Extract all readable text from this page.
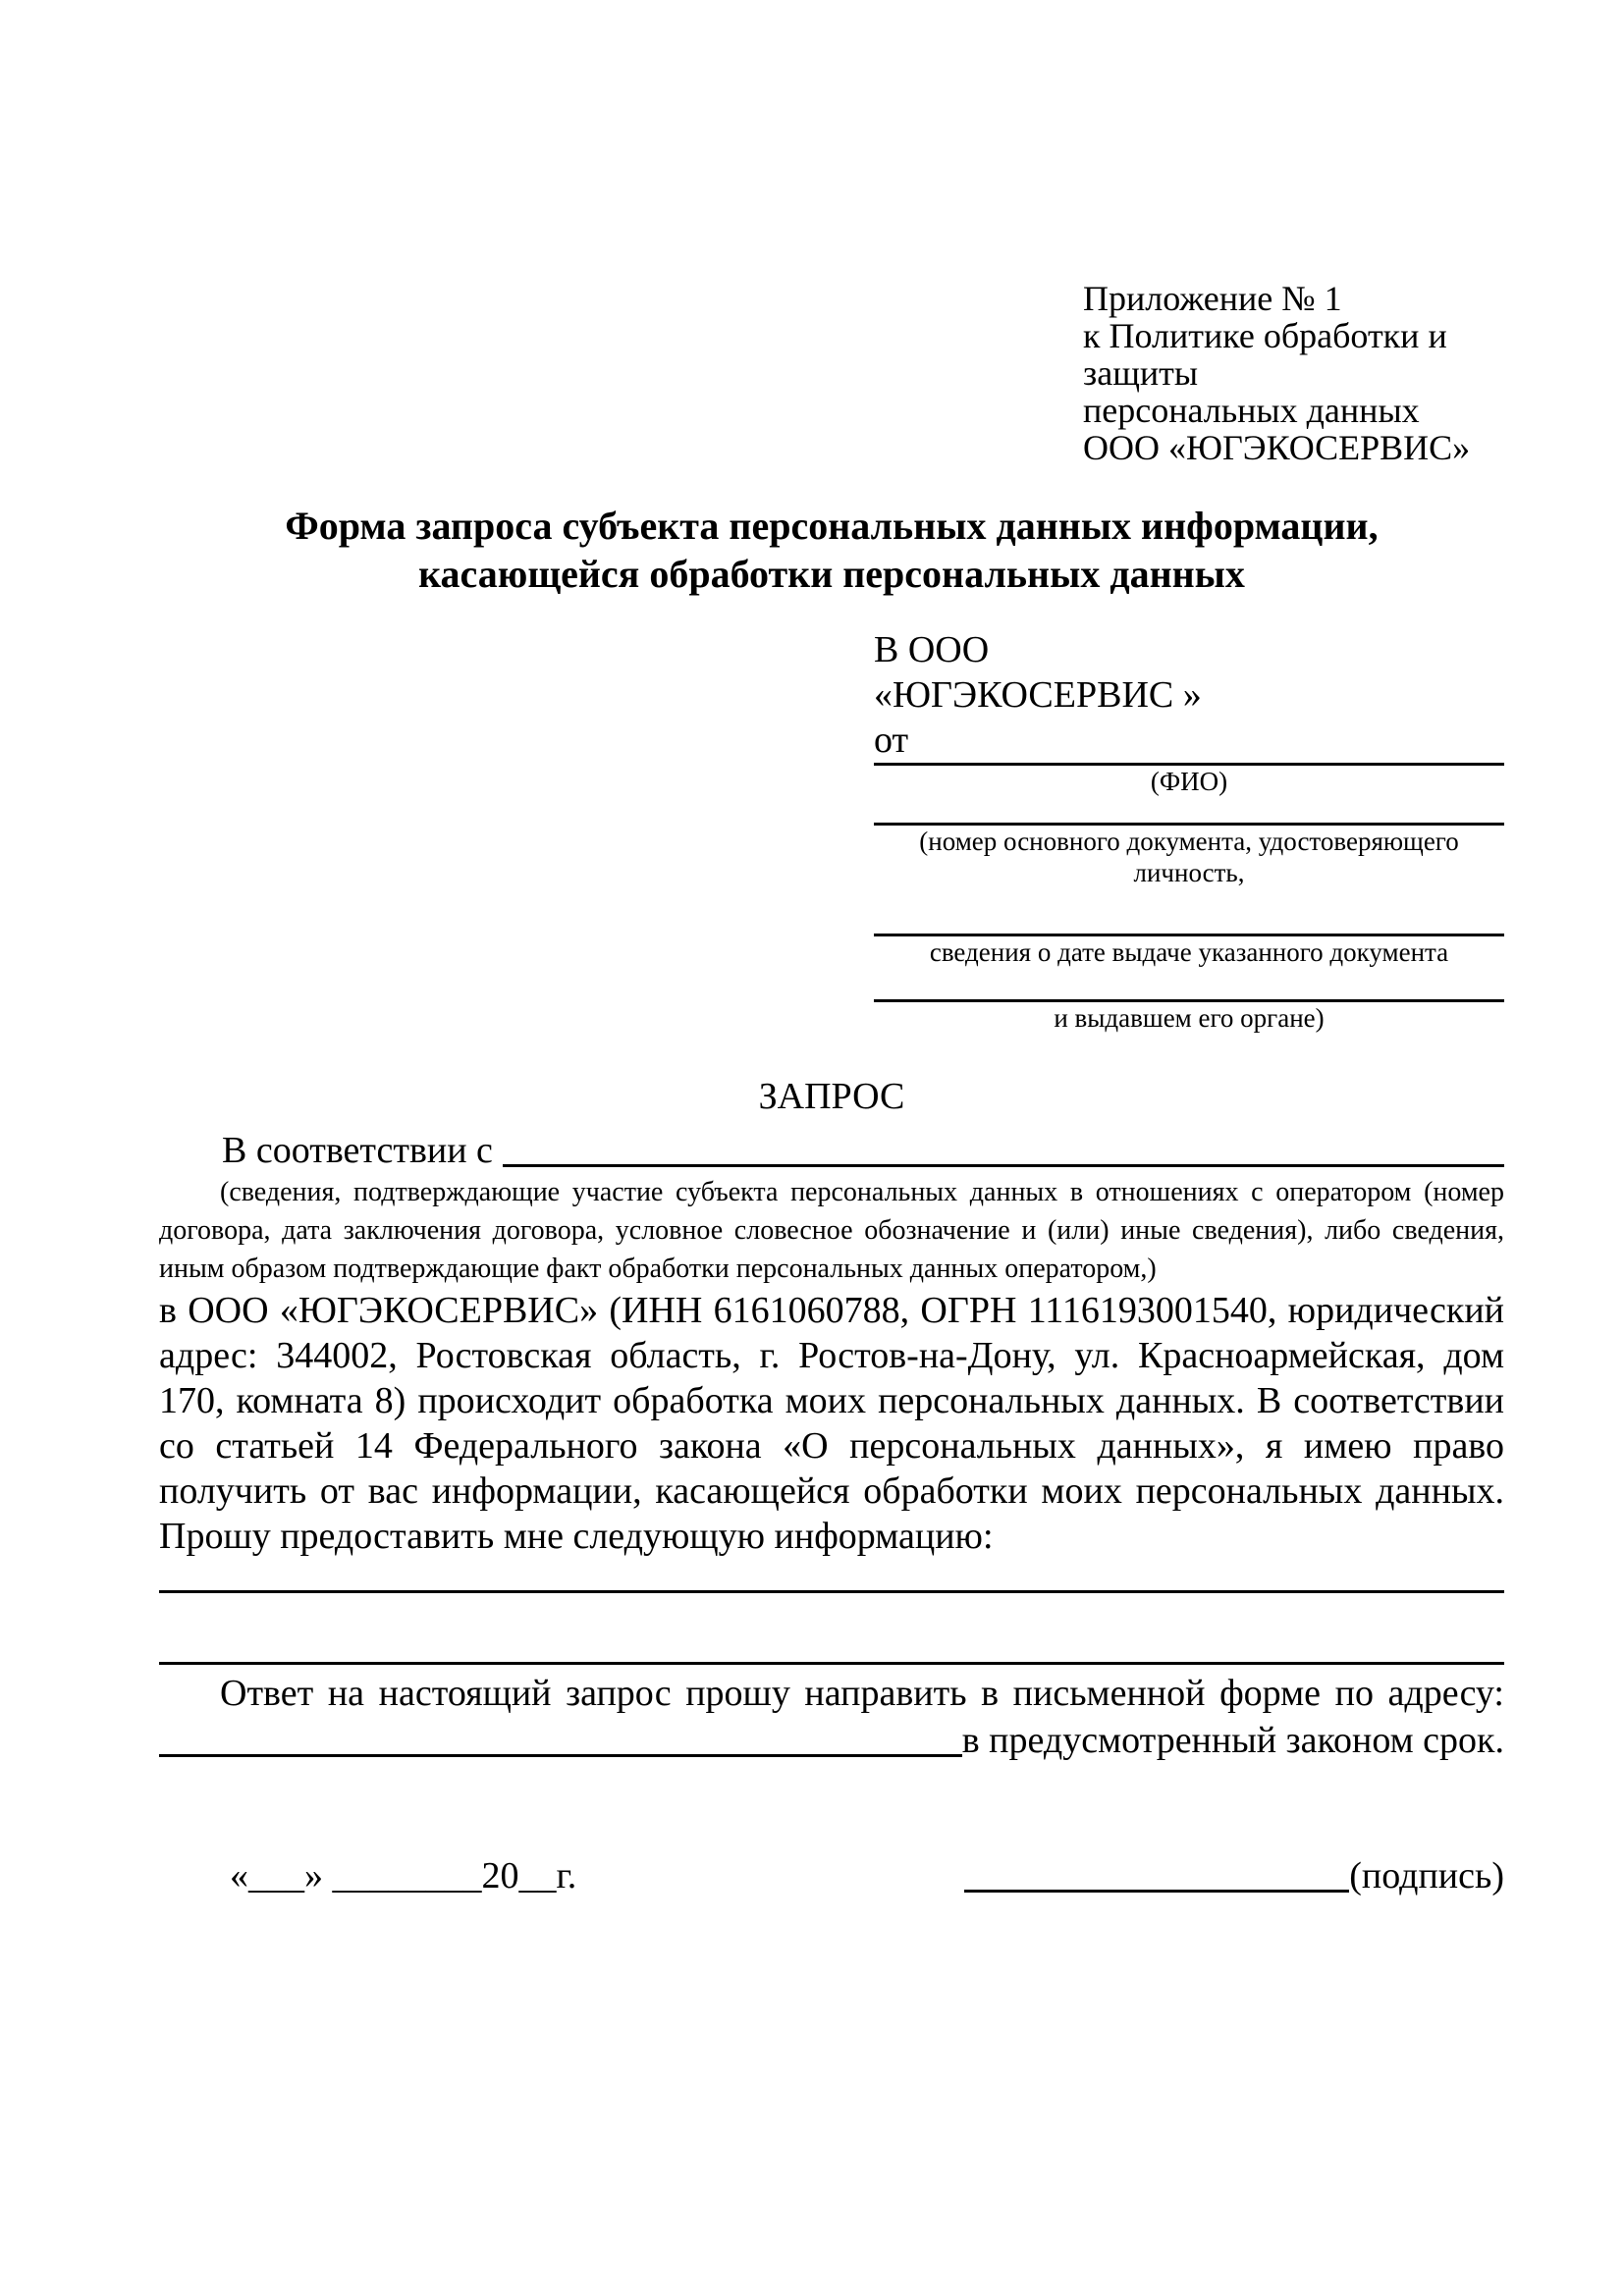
Приложение № 1
к Политике обработки и защиты
персональных данных
ООО «ЮГЭКОСЕРВИС»
Форма запроса субъекта персональных данных информации,
касающейся обработки персональных данных
В ООО
«ЮГЭКОСЕРВИС »
от
(ФИО)
(номер основного документа, удостоверяющего личность,
сведения о дате выдаче указанного документа
и выдавшем его органе)
ЗАПРОС
В соответствии с
(сведения, подтверждающие участие субъекта персональных данных в отношениях с оператором (номер договора, дата заключения договора, условное словесное обозначение и (или) иные сведения), либо сведения, иным образом подтверждающие факт обработки персональных данных оператором,)

в ООО «ЮГЭКОСЕРВИС» (ИНН 6161060788, ОГРН 1116193001540, юридический адрес: 344002, Ростовская область, г. Ростов-на-Дону, ул. Красноармейская, дом 170, комната 8) происходит обработка моих персональных данных. В соответствии со статьей 14 Федерального закона «О персональных данных», я имею право получить от вас информации, касающейся обработки моих персональных данных. Прошу предоставить мне следующую информацию:

Ответ на настоящий запрос прошу направить в письменной форме по адресу:

в предусмотренный законом срок.
«___» ________20__г.	(подпись)
